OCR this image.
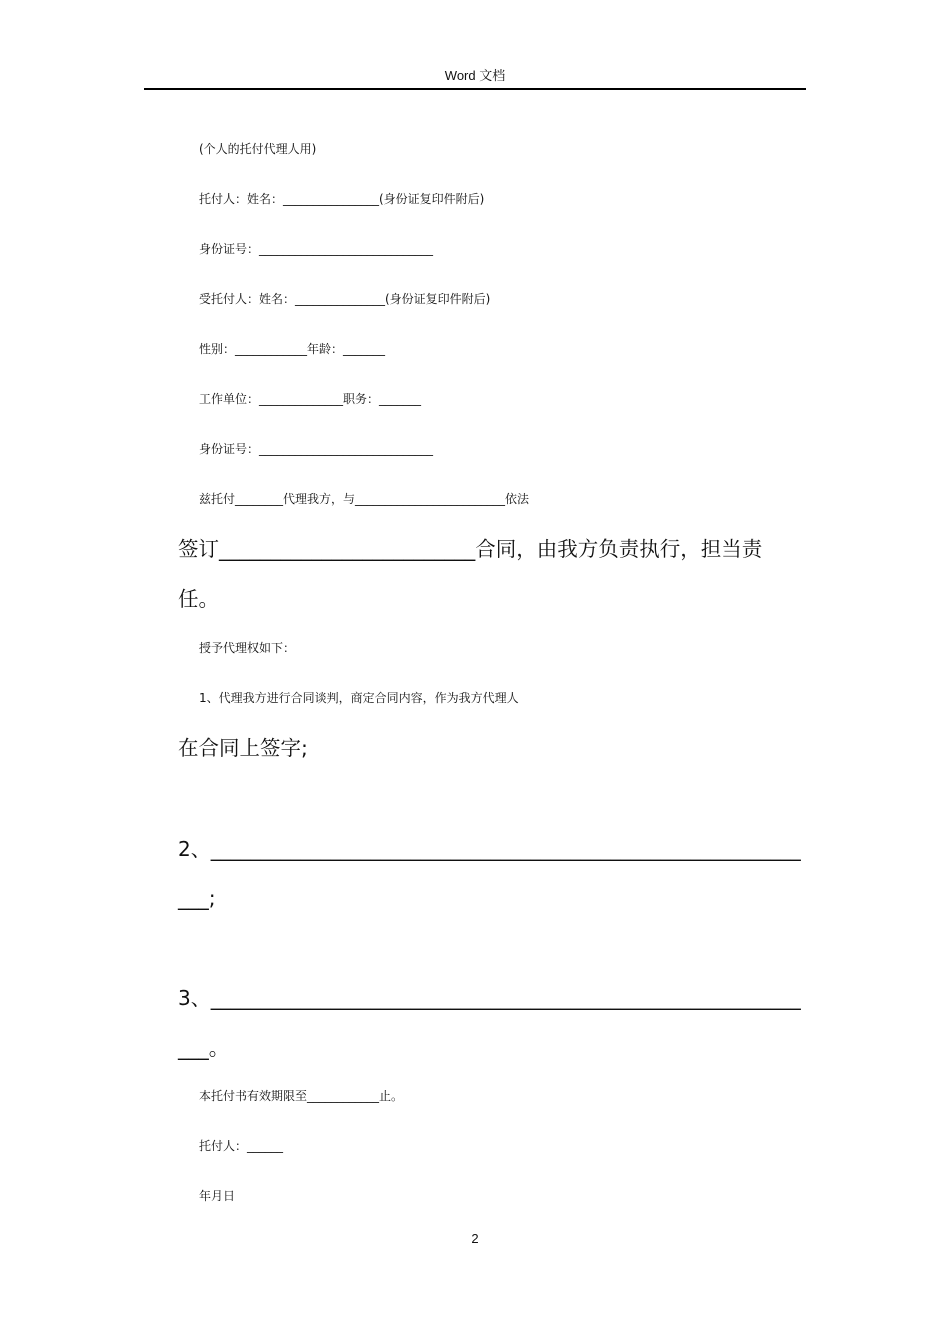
Word 文档
(个人的托付代理人用)
托付人：姓名：________________(身份证复印件附后)
身份证号：_____________________________
受托付人：姓名：_______________(身份证复印件附后)
性别：____________年龄：_______
工作单位：______________职务：_______
身份证号：_____________________________
兹托付________代理我方，与_________________________依法
签订_________________________合同，由我方负责执行，担当责
任。
授予代理权如下：
1、代理我方进行合同谈判，商定合同内容，作为我方代理人
在合同上签字;
2、___________________________________________________________
___;
3、___________________________________________________________
___。
本托付书有效期限至____________止。
托付人：______
年月日
2
